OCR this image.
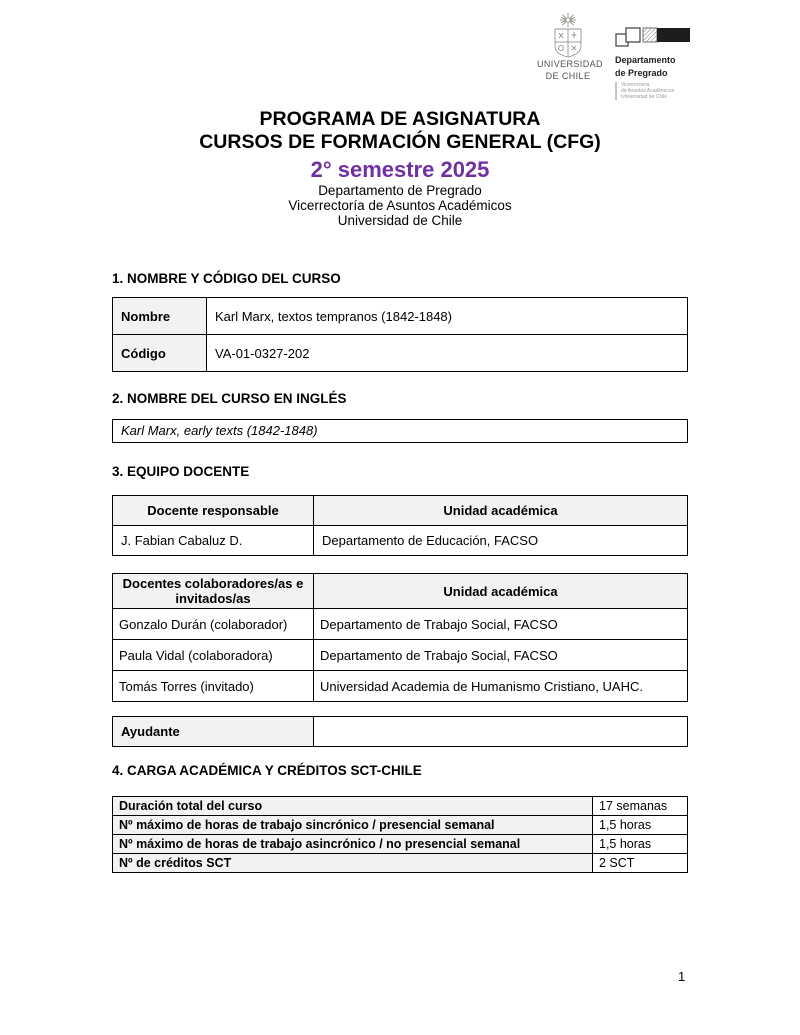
UNIVERSIDAD
DE CHILE
Departamento
de Pregrado
Vicerrectoría
de Asuntos Académicos
Universidad de Chile
PROGRAMA DE ASIGNATURA
CURSOS DE FORMACIÓN GENERAL (CFG)
2° semestre 2025
Departamento de Pregrado
Vicerrectoría de Asuntos Académicos
Universidad de Chile
1. NOMBRE Y CÓDIGO DEL CURSO
Nombre	Karl Marx, textos tempranos (1842-1848)
Código	VA-01-0327-202
2. NOMBRE DEL CURSO EN INGLÉS
Karl Marx, early texts (1842-1848)
3. EQUIPO DOCENTE
Docente responsable	Unidad académica
J. Fabian Cabaluz D.	Departamento de Educación, FACSO
Docentes colaboradores/as e invitados/as	Unidad académica
Gonzalo Durán (colaborador)	Departamento de Trabajo Social, FACSO
Paula Vidal (colaboradora)	Departamento de Trabajo Social, FACSO
Tomás Torres (invitado)	Universidad Academia de Humanismo Cristiano, UAHC.
Ayudante	
4. CARGA ACADÉMICA Y CRÉDITOS SCT-CHILE
Duración total del curso	17 semanas
Nº máximo de horas de trabajo sincrónico / presencial semanal	1,5 horas
Nº máximo de horas de trabajo asincrónico / no presencial semanal	1,5 horas
Nº de créditos SCT	2 SCT
1
